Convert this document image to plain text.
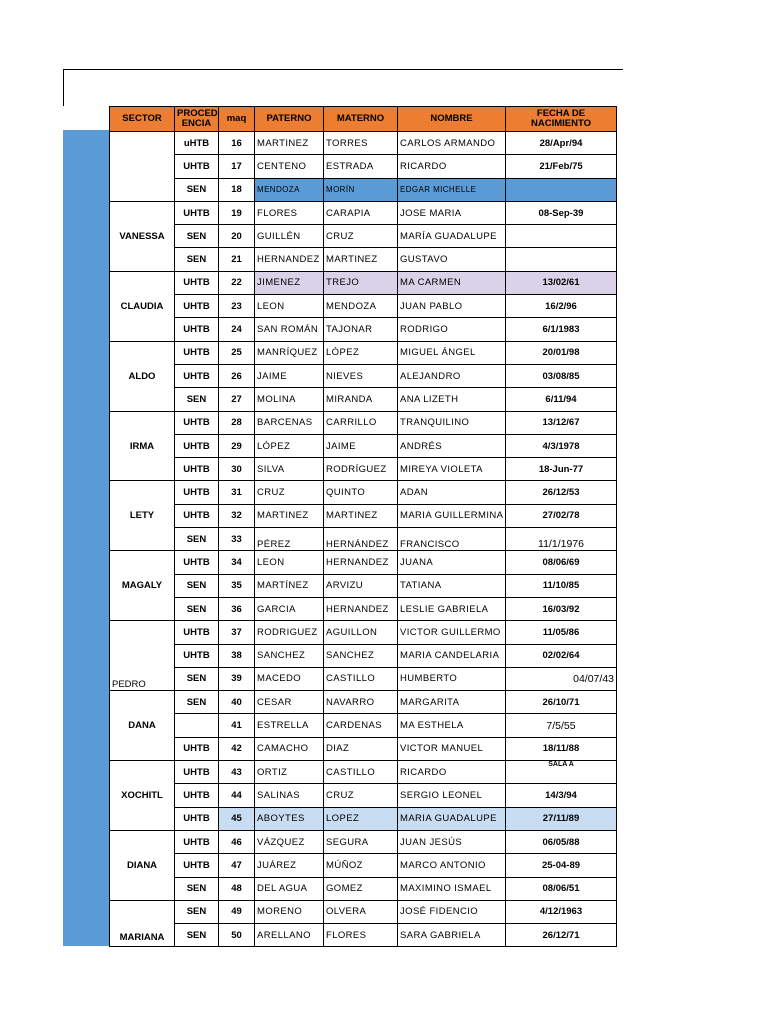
SECTOR	PROCED ENCIA	maq	PATERNO	MATERNO	NOMBRE	FECHA DE NACIMIENTO
	uHTB	16	MARTINEZ	TORRES	CARLOS ARMANDO	28/Apr/94
	UHTB	17	CENTENO	ESTRADA	RICARDO	21/Feb/75
	SEN	18	MENDOZA	MORÍN	EDGAR MICHELLE	
VANESSA	UHTB	19	FLORES	CARAPIA	JOSE MARIA	08-Sep-39
	SEN	20	GUILLÉN	CRUZ	MARÍA GUADALUPE	
	SEN	21	HERNANDEZ	MARTINEZ	GUSTAVO	
CLAUDIA	UHTB	22	JIMENEZ	TREJO	MA CARMEN	13/02/61
	UHTB	23	LEON	MENDOZA	JUAN PABLO	16/2/96
	UHTB	24	SAN ROMÁN	TAJONAR	RODRIGO	6/1/1983
ALDO	UHTB	25	MANRÍQUEZ	LÓPEZ	MIGUEL ÁNGEL	20/01/98
	UHTB	26	JAIME	NIEVES	ALEJANDRO	03/08/85
	SEN	27	MOLINA	MIRANDA	ANA LIZETH	6/11/94
IRMA	UHTB	28	BARCENAS	CARRILLO	TRANQUILINO	13/12/67
	UHTB	29	LÓPEZ	JAIME	ANDRÉS	4/3/1978
	UHTB	30	SILVA	RODRÍGUEZ	MIREYA VIOLETA	18-Jun-77
LETY	UHTB	31	CRUZ	QUINTO	ADAN	26/12/53
	UHTB	32	MARTINEZ	MARTINEZ	MARIA GUILLERMINA	27/02/78
	SEN	33	PÉREZ	HERNÁNDEZ	FRANCISCO	11/1/1976
MAGALY	UHTB	34	LEON	HERNANDEZ	JUANA	08/06/69
	SEN	35	MARTÍNEZ	ARVIZU	TATIANA	11/10/85
	SEN	36	GARCIA	HERNANDEZ	LESLIE GABRIELA	16/03/92
PEDRO	UHTB	37	RODRIGUEZ	AGUILLON	VICTOR GUILLERMO	11/05/86
	UHTB	38	SANCHEZ	SANCHEZ	MARIA CANDELARIA	02/02/64
	SEN	39	MACEDO	CASTILLO	HUMBERTO	04/07/43
DANA	SEN	40	CESAR	NAVARRO	MARGARITA	26/10/71
		41	ESTRELLA	CARDENAS	MA ESTHELA	7/5/55
	UHTB	42	CAMACHO	DIAZ	VICTOR MANUEL	18/11/88
XOCHITL	UHTB	43	ORTIZ	CASTILLO	RICARDO	SALA A
	UHTB	44	SALINAS	CRUZ	SERGIO LEONEL	14/3/94
	UHTB	45	ABOYTES	LOPEZ	MARIA GUADALUPE	27/11/89
DIANA	UHTB	46	VÁZQUEZ	SEGURA	JUAN JESÚS	06/05/88
	UHTB	47	JUÁREZ	MÚÑOZ	MARCO ANTONIO	25-04-89
	SEN	48	DEL AGUA	GOMEZ	MAXIMINO ISMAEL	08/06/51
MARIANA	SEN	49	MORENO	OLVERA	JOSÉ FIDENCIO	4/12/1963
	SEN	50	ARELLANO	FLORES	SARA GABRIELA	26/12/71
